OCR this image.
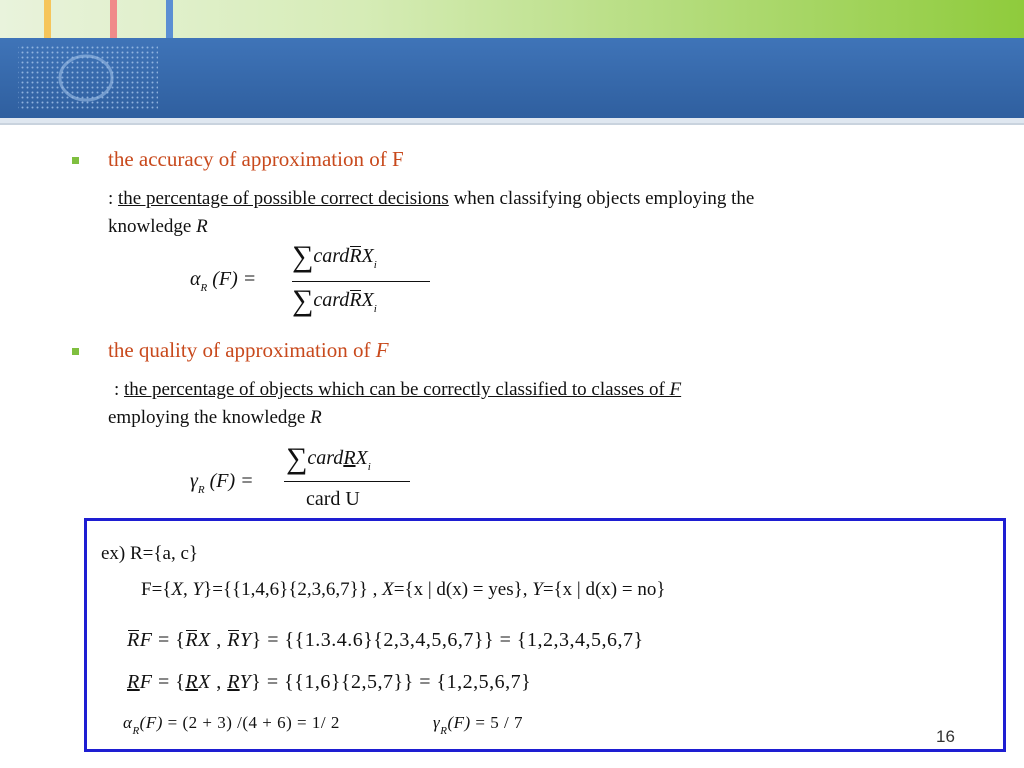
the accuracy of approximation of F
: the percentage of possible correct decisions when classifying objects employing the
knowledge R
$\alpha_R$ (F) =
∑cardRX$_i$
∑cardRX$_i$
the quality of approximation of F
: the percentage of objects which can be correctly classified to classes of F
employing the knowledge R
$\gamma_R$ (F) =
∑cardRX$_i$
card U
ex) R={a, c}
F={X, Y}={{1,4,6}{2,3,6,7}} , X={x | d(x) = yes}, Y={x | d(x) = no}
RF = {RX , RY} = {{1.3.4.6}{2,3,4,5,6,7}} = {1,2,3,4,5,6,7}
RF = {RX , RY} = {{1,6}{2,5,7}} = {1,2,5,6,7}
$\alpha_R(F) = (2 + 3) /(4 + 6) = 1/$ 2	$\gamma_R(F) = 5 / 7$
16
